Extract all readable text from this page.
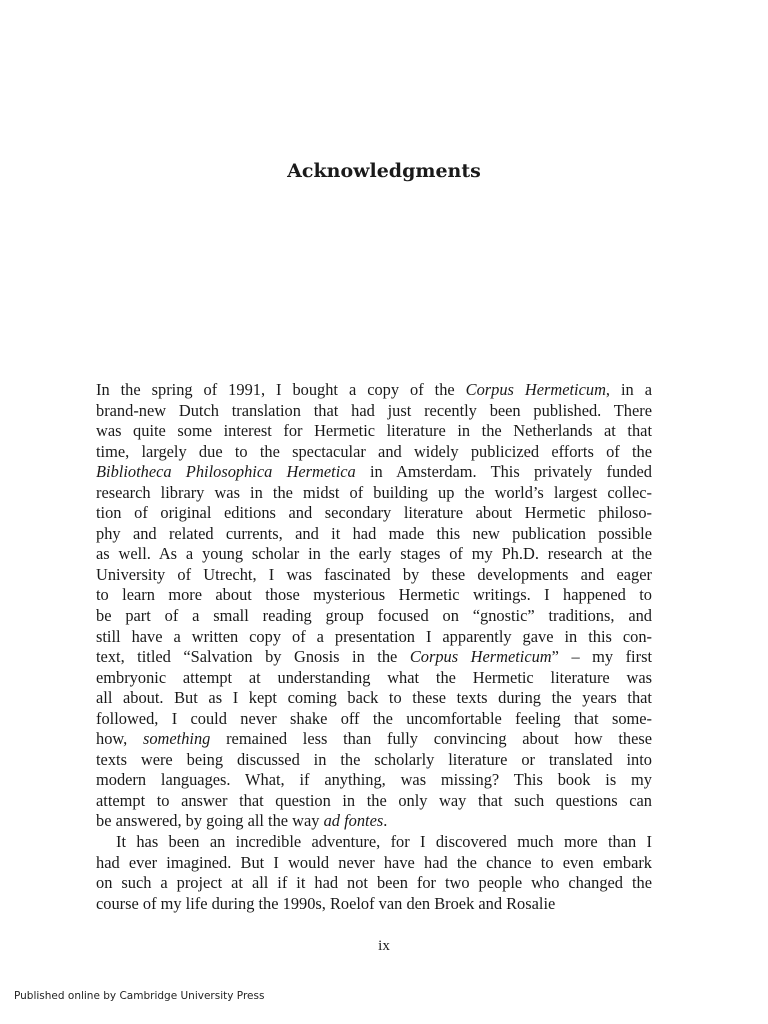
Acknowledgments
In the spring of 1991, I bought a copy of the Corpus Hermeticum, in a
brand-new Dutch translation that had just recently been published. There
was quite some interest for Hermetic literature in the Netherlands at that
time, largely due to the spectacular and widely publicized efforts of the
Bibliotheca Philosophica Hermetica in Amsterdam. This privately funded
research library was in the midst of building up the world’s largest collec-
tion of original editions and secondary literature about Hermetic philoso-
phy and related currents, and it had made this new publication possible
as well. As a young scholar in the early stages of my Ph.D. research at the
University of Utrecht, I was fascinated by these developments and eager
to learn more about those mysterious Hermetic writings. I happened to
be part of a small reading group focused on “gnostic” traditions, and
still have a written copy of a presentation I apparently gave in this con-
text, titled “Salvation by Gnosis in the Corpus Hermeticum” – my first
embryonic attempt at understanding what the Hermetic literature was
all about. But as I kept coming back to these texts during the years that
followed, I could never shake off the uncomfortable feeling that some-
how, something remained less than fully convincing about how these
texts were being discussed in the scholarly literature or translated into
modern languages. What, if anything, was missing? This book is my
attempt to answer that question in the only way that such questions can
be answered, by going all the way ad fontes.
It has been an incredible adventure, for I discovered much more than I
had ever imagined. But I would never have had the chance to even embark
on such a project at all if it had not been for two people who changed the
course of my life during the 1990s, Roelof van den Broek and Rosalie
ix
Published online by Cambridge University Press
